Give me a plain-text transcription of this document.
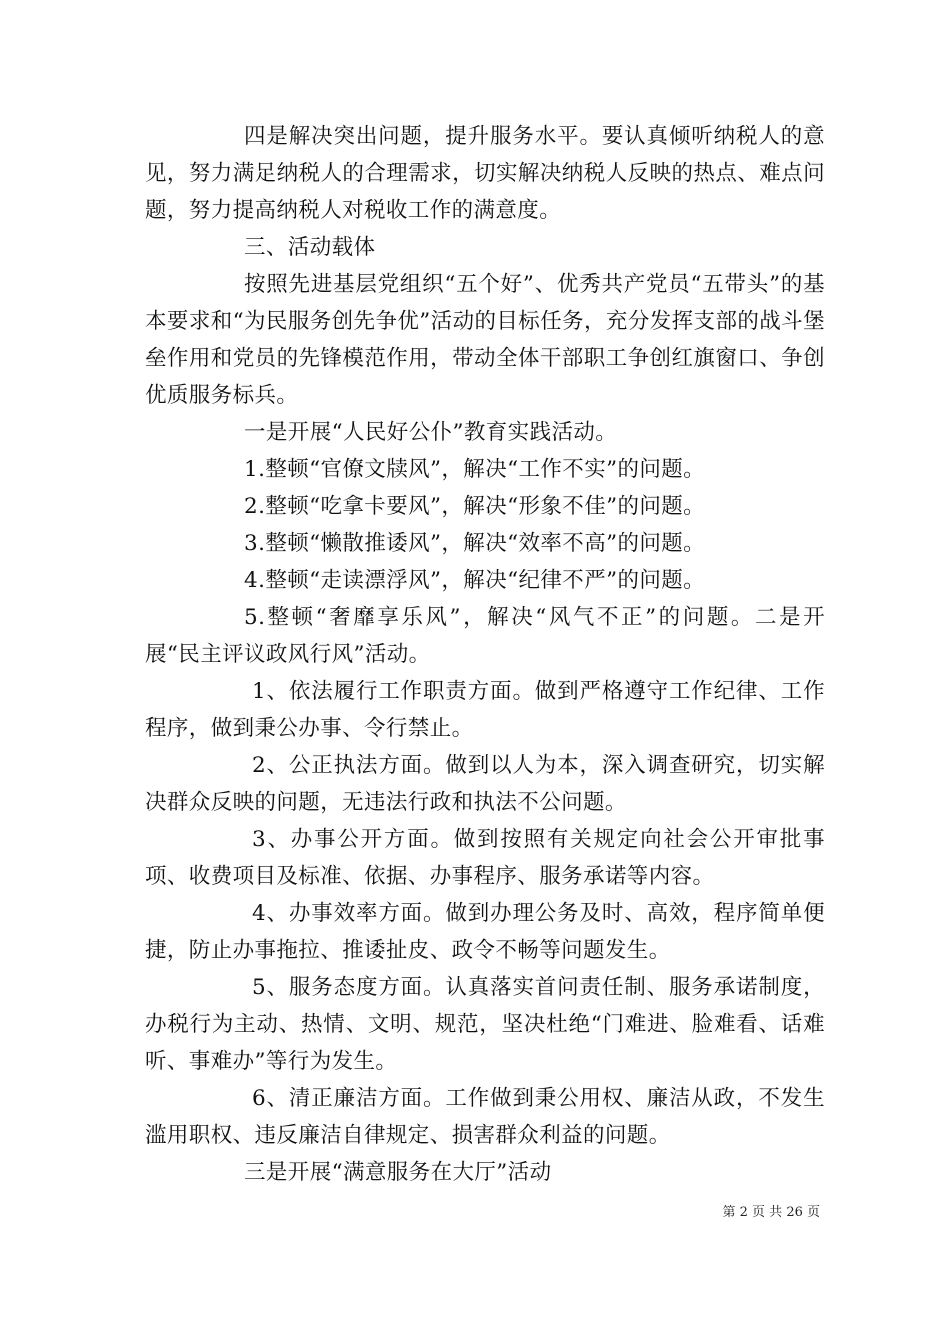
四是解决突出问题，提升服务水平。要认真倾听纳税人的意见，努力满足纳税人的合理需求，切实解决纳税人反映的热点、难点问题，努力提高纳税人对税收工作的满意度。

三、活动载体

按照先进基层党组织“五个好”、优秀共产党员“五带头”的基本要求和“为民服务创先争优”活动的目标任务，充分发挥支部的战斗堡垒作用和党员的先锋模范作用，带动全体干部职工争创红旗窗口、争创优质服务标兵。

一是开展“人民好公仆”教育实践活动。

1.整顿“官僚文牍风”，解决“工作不实”的问题。

2.整顿“吃拿卡要风”，解决“形象不佳”的问题。

3.整顿“懒散推诿风”，解决“效率不高”的问题。

4.整顿“走读漂浮风”，解决“纪律不严”的问题。

5.整顿“奢靡享乐风”，解决“风气不正”的问题。二是开展“民主评议政风行风”活动。

1、依法履行工作职责方面。做到严格遵守工作纪律、工作程序，做到秉公办事、令行禁止。

2、公正执法方面。做到以人为本，深入调查研究，切实解决群众反映的问题，无违法行政和执法不公问题。

3、办事公开方面。做到按照有关规定向社会公开审批事项、收费项目及标准、依据、办事程序、服务承诺等内容。

4、办事效率方面。做到办理公务及时、高效，程序简单便捷，防止办事拖拉、推诿扯皮、政令不畅等问题发生。

5、服务态度方面。认真落实首问责任制、服务承诺制度，办税行为主动、热情、文明、规范，坚决杜绝“门难进、脸难看、话难听、事难办”等行为发生。

6、清正廉洁方面。工作做到秉公用权、廉洁从政，不发生滥用职权、违反廉洁自律规定、损害群众利益的问题。

三是开展“满意服务在大厅”活动

第 2 页 共 26 页
